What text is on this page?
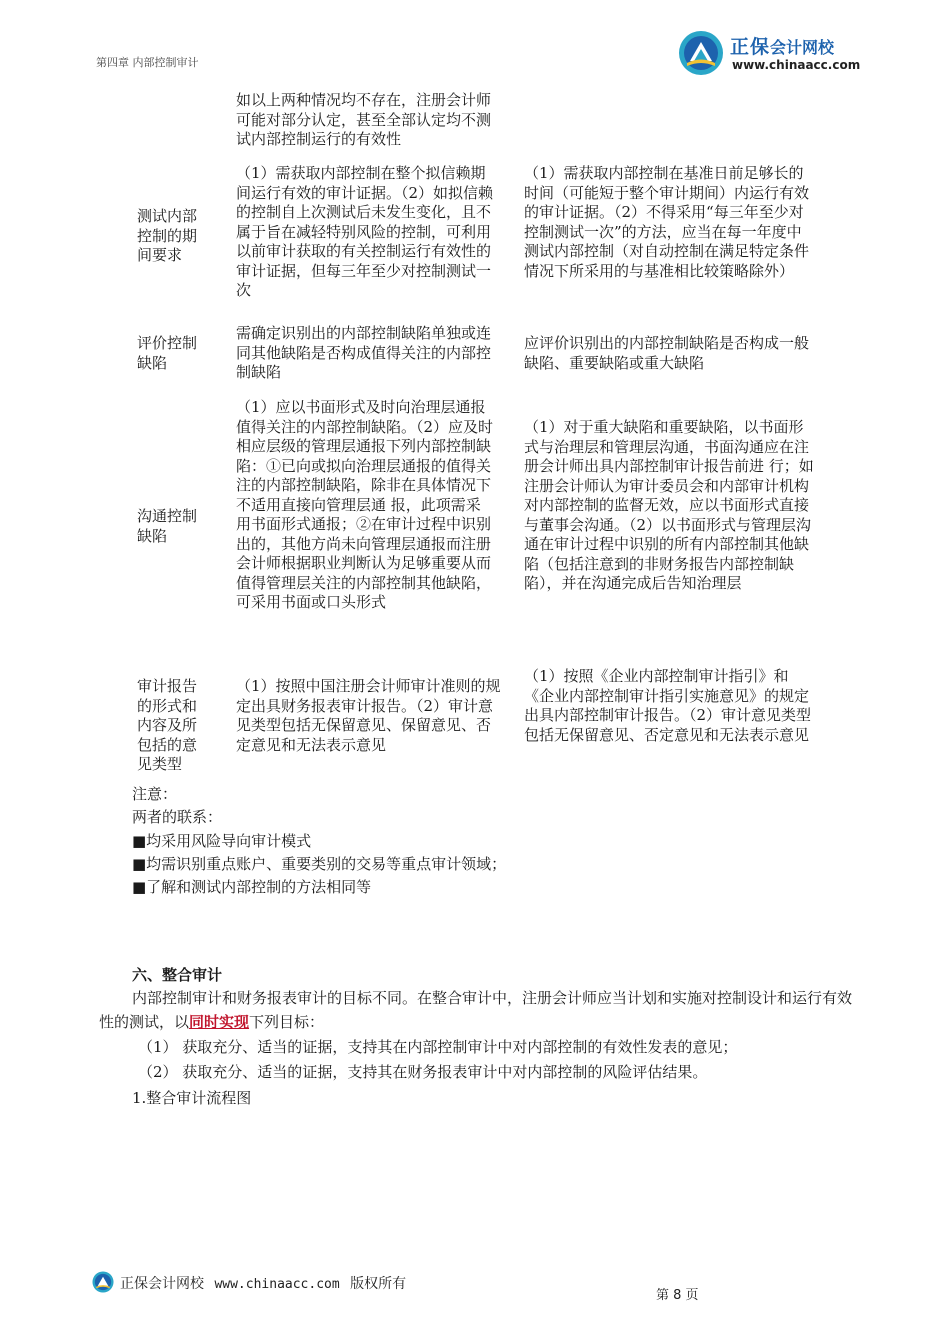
第四章 内部控制审计
正保会计网校
www.chinaacc.com

如以上两种情况均不存在，注册会计师可能对部分认定，甚至全部认定均不测试内部控制运行的有效性

测试内部控制的期间要求

（1）需获取内部控制在整个拟信赖期间运行有效的审计证据。（2）如拟信赖的控制自上次测试后未发生变化，且不属于旨在减轻特别风险的控制，可利用以前审计获取的有关控制运行有效性的审计证据，但每三年至少对控制测试一次

（1）需获取内部控制在基准日前足够长的时间（可能短于整个审计期间）内运行有效的审计证据。（2）不得采用“每三年至少对控制测试一次”的方法，应当在每一年度中测试内部控制（对自动控制在满足特定条件情况下所采用的与基准相比较策略除外）

评价控制缺陷

需确定识别出的内部控制缺陷单独或连同其他缺陷是否构成值得关注的内部控制缺陷

应评价识别出的内部控制缺陷是否构成一般缺陷、重要缺陷或重大缺陷

沟通控制缺陷

（1）应以书面形式及时向治理层通报值得关注的内部控制缺陷。（2）应及时相应层级的管理层通报下列内部控制缺陷：①已向或拟向治理层通报的值得关注的内部控制缺陷，除非在具体情况下不适用直接向管理层通 报，此项需采用书面形式通报；②在审计过程中识别出的，其他方尚未向管理层通报而注册会计师根据职业判断认为足够重要从而值得管理层关注的内部控制其他缺陷，可采用书面或口头形式

（1）对于重大缺陷和重要缺陷，以书面形式与治理层和管理层沟通，书面沟通应在注册会计师出具内部控制审计报告前进 行；如注册会计师认为审计委员会和内部审计机构对内部控制的监督无效，应以书面形式直接与董事会沟通。（2）以书面形式与管理层沟通在审计过程中识别的所有内部控制其他缺陷（包括注意到的非财务报告内部控制缺陷），并在沟通完成后告知治理层

审计报告的形式和内容及所包括的意见类型

（1）按照中国注册会计师审计准则的规定出具财务报表审计报告。（2）审计意见类型包括无保留意见、保留意见、否定意见和无法表示意见

（1）按照《企业内部控制审计指引》和《企业内部控制审计指引实施意见》的规定出具内部控制审计报告。（2）审计意见类型包括无保留意见、否定意见和无法表示意见

注意：
两者的联系：
■均采用风险导向审计模式
■均需识别重点账户、重要类别的交易等重点审计领域；
■了解和测试内部控制的方法相同等
六、整合审计

内部控制审计和财务报表审计的目标不同。在整合审计中，注册会计师应当计划和实施对控制设计和运行有效性的测试，以同时实现下列目标：

（1） 获取充分、适当的证据，支持其在内部控制审计中对内部控制的有效性发表的意见；
（2） 获取充分、适当的证据，支持其在财务报表审计中对内部控制的风险评估结果。
1.整合审计流程图
正保会计网校 www.chinaacc.com 版权所有
第 8 页
